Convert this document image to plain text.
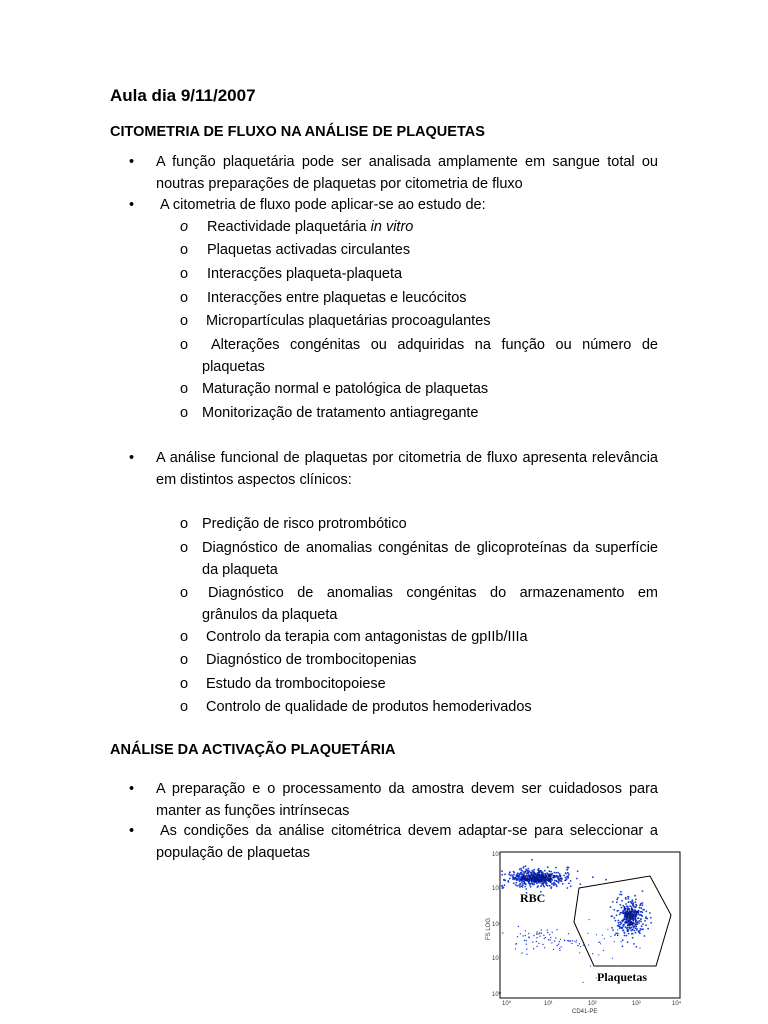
Aula dia 9/11/2007
CITOMETRIA DE FLUXO NA ANÁLISE DE PLAQUETAS
• A função plaquetária pode ser analisada amplamente em sangue total ou noutras preparações de plaquetas por citometria de fluxo
• A citometria de fluxo pode aplicar-se ao estudo de:
o Reactividade plaquetária in vitro
o Plaquetas activadas circulantes
o Interacções plaqueta-plaqueta
o Interacções entre plaquetas e leucócitos
o Micropartículas plaquetárias procoagulantes
o	Alterações congénitas ou adquiridas na função ou número de plaquetas
o Maturação normal e patológica de plaquetas
o Monitorização de tratamento antiagregante
• A análise funcional de plaquetas por citometria de fluxo apresenta relevância em distintos aspectos clínicos:
o Predição de risco protrombótico
o Diagnóstico de anomalias congénitas de glicoproteínas da superfície da plaqueta
o	Diagnóstico de anomalias congénitas do armazenamento em grânulos da plaqueta
o Controlo da terapia com antagonistas de gpIIb/IIIa
o Diagnóstico de trombocitopenias
o Estudo da trombocitopoiese
o Controlo de qualidade de produtos hemoderivados
ANÁLISE DA ACTIVAÇÃO PLAQUETÁRIA
• A preparação e o processamento da amostra devem ser cuidadosos para manter as funções intrínsecas
• As condições da análise citométrica devem adaptar-se para seleccionar a população de plaquetas	10⁴
10³
10²
10¹
10⁰
FS LOG
10⁰	10¹	10²	10³	10⁴
CD41-PE
RBC
Plaquetas
